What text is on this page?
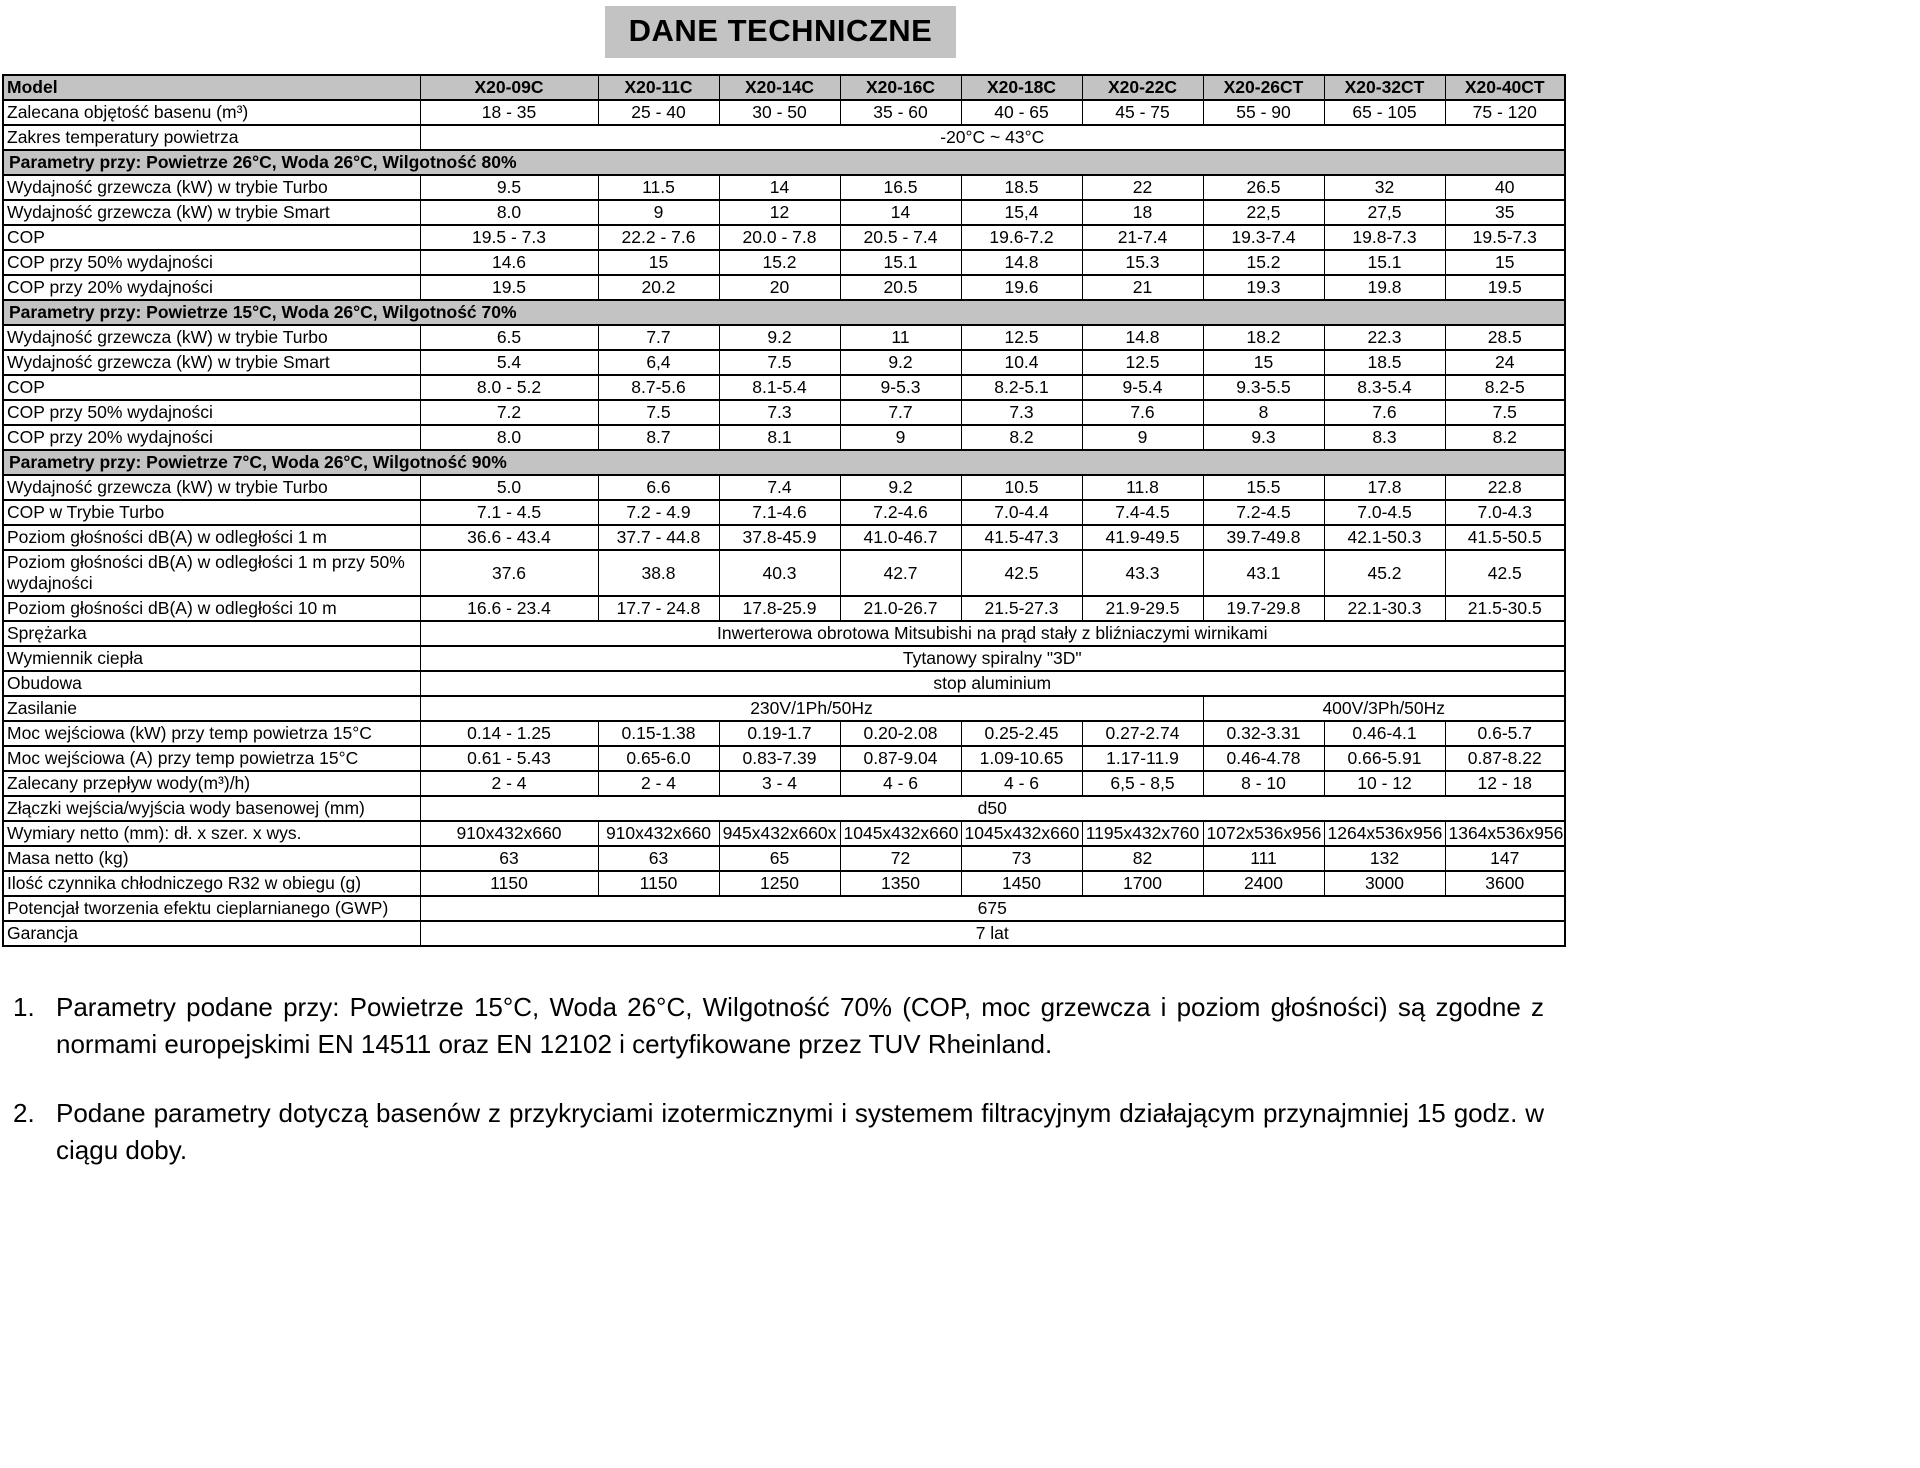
DANE TECHNICZNE
Model	X20-09C	X20-11C	X20-14C	X20-16C	X20-18C	X20-22C	X20-26CT	X20-32CT	X20-40CT
Zalecana objętość basenu (m³)	18 - 35	25 - 40	30 - 50	35 - 60	40 - 65	45 - 75	55 - 90	65 - 105	75 - 120
Zakres temperatury powietrza	-20°C ~ 43°C								
Parametry przy: Powietrze 26°C, Woda 26°C, Wilgotność 80%									
Wydajność grzewcza (kW) w trybie Turbo	9.5	11.5	14	16.5	18.5	22	26.5	32	40
Wydajność grzewcza (kW) w trybie Smart	8.0	9	12	14	15,4	18	22,5	27,5	35
COP	19.5 - 7.3	22.2 - 7.6	20.0 - 7.8	20.5 - 7.4	19.6-7.2	21-7.4	19.3-7.4	19.8-7.3	19.5-7.3
COP przy 50% wydajności	14.6	15	15.2	15.1	14.8	15.3	15.2	15.1	15
COP przy 20% wydajności	19.5	20.2	20	20.5	19.6	21	19.3	19.8	19.5
Parametry przy: Powietrze 15°C, Woda 26°C, Wilgotność 70%									
Wydajność grzewcza (kW) w trybie Turbo	6.5	7.7	9.2	11	12.5	14.8	18.2	22.3	28.5
Wydajność grzewcza (kW) w trybie Smart	5.4	6,4	7.5	9.2	10.4	12.5	15	18.5	24
COP	8.0 - 5.2	8.7-5.6	8.1-5.4	9-5.3	8.2-5.1	9-5.4	9.3-5.5	8.3-5.4	8.2-5
COP przy 50% wydajności	7.2	7.5	7.3	7.7	7.3	7.6	8	7.6	7.5
COP przy 20% wydajności	8.0	8.7	8.1	9	8.2	9	9.3	8.3	8.2
Parametry przy: Powietrze 7°C, Woda 26°C, Wilgotność 90%									
Wydajność grzewcza (kW) w trybie Turbo	5.0	6.6	7.4	9.2	10.5	11.8	15.5	17.8	22.8
COP w Trybie Turbo	7.1 - 4.5	7.2 - 4.9	7.1-4.6	7.2-4.6	7.0-4.4	7.4-4.5	7.2-4.5	7.0-4.5	7.0-4.3
Poziom głośności dB(A) w odległości 1 m	36.6 - 43.4	37.7 - 44.8	37.8-45.9	41.0-46.7	41.5-47.3	41.9-49.5	39.7-49.8	42.1-50.3	41.5-50.5
Poziom głośności dB(A) w odległości 1 m przy 50% wydajności	37.6	38.8	40.3	42.7	42.5	43.3	43.1	45.2	42.5
Poziom głośności dB(A) w odległości 10 m	16.6 - 23.4	17.7 - 24.8	17.8-25.9	21.0-26.7	21.5-27.3	21.9-29.5	19.7-29.8	22.1-30.3	21.5-30.5
Sprężarka	Inwerterowa obrotowa Mitsubishi na prąd stały z bliźniaczymi wirnikami								
Wymiennik ciepła	Tytanowy spiralny "3D"								
Obudowa	stop aluminium								
Zasilanie	230V/1Ph/50Hz						400V/3Ph/50Hz		
Moc wejściowa (kW) przy temp powietrza 15°C	0.14 - 1.25	0.15-1.38	0.19-1.7	0.20-2.08	0.25-2.45	0.27-2.74	0.32-3.31	0.46-4.1	0.6-5.7
Moc wejściowa (A) przy temp powietrza 15°C	0.61 - 5.43	0.65-6.0	0.83-7.39	0.87-9.04	1.09-10.65	1.17-11.9	0.46-4.78	0.66-5.91	0.87-8.22
Zalecany przepływ wody(m³)/h)	2 - 4	2 - 4	3 - 4	4 - 6	4 - 6	6,5 - 8,5	8 - 10	10 - 12	12 - 18
Złączki wejścia/wyjścia wody basenowej (mm)	d50								
Wymiary netto (mm): dł. x szer. x wys.	910x432x660	910x432x660	945x432x660x	1045x432x660	1045x432x660	1195x432x760	1072x536x956	1264x536x956	1364x536x956
Masa netto (kg)	63	63	65	72	73	82	111	132	147
Ilość czynnika chłodniczego R32 w obiegu (g)	1150	1150	1250	1350	1450	1700	2400	3000	3600
Potencjał tworzenia efektu cieplarnianego (GWP)	675								
Garancja	7 lat								
1. Parametry podane przy: Powietrze 15°C, Woda 26°C, Wilgotność 70% (COP, moc grzewcza i poziom głośności) są zgodne z normami europejskimi EN 14511 oraz EN 12102 i certyfikowane przez TUV Rheinland.
2. Podane parametry dotyczą basenów z przykryciami izotermicznymi i systemem filtracyjnym działającym przynajmniej 15 godz. w ciągu doby.
